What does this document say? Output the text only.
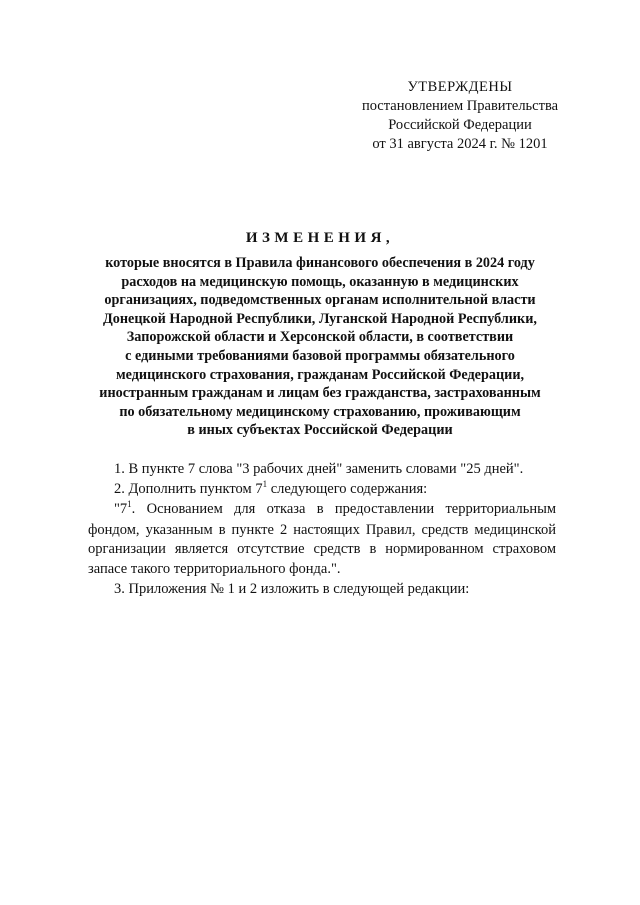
УТВЕРЖДЕНЫ
постановлением Правительства
Российской Федерации
от 31 августа 2024 г. № 1201
ИЗМЕНЕНИЯ,
которые вносятся в Правила финансового обеспечения в 2024 году
расходов на медицинскую помощь, оказанную в медицинских
организациях, подведомственных органам исполнительной власти
Донецкой Народной Республики, Луганской Народной Республики,
Запорожской области и Херсонской области, в соответствии
с едиными требованиями базовой программы обязательного
медицинского страхования, гражданам Российской Федерации,
иностранным гражданам и лицам без гражданства, застрахованным
по обязательному медицинскому страхованию, проживающим
в иных субъектах Российской Федерации

1. В пункте 7 слова "3 рабочих дней" заменить словами "25 дней".

2. Дополнить пунктом $7^1$ следующего содержания:

"$7^1$. Основанием для отказа в предоставлении территориальным фондом, указанным в пункте 2 настоящих Правил, средств медицинской организации является отсутствие средств в нормированном страховом запасе такого территориального фонда.".

3. Приложения № 1 и 2 изложить в следующей редакции:
